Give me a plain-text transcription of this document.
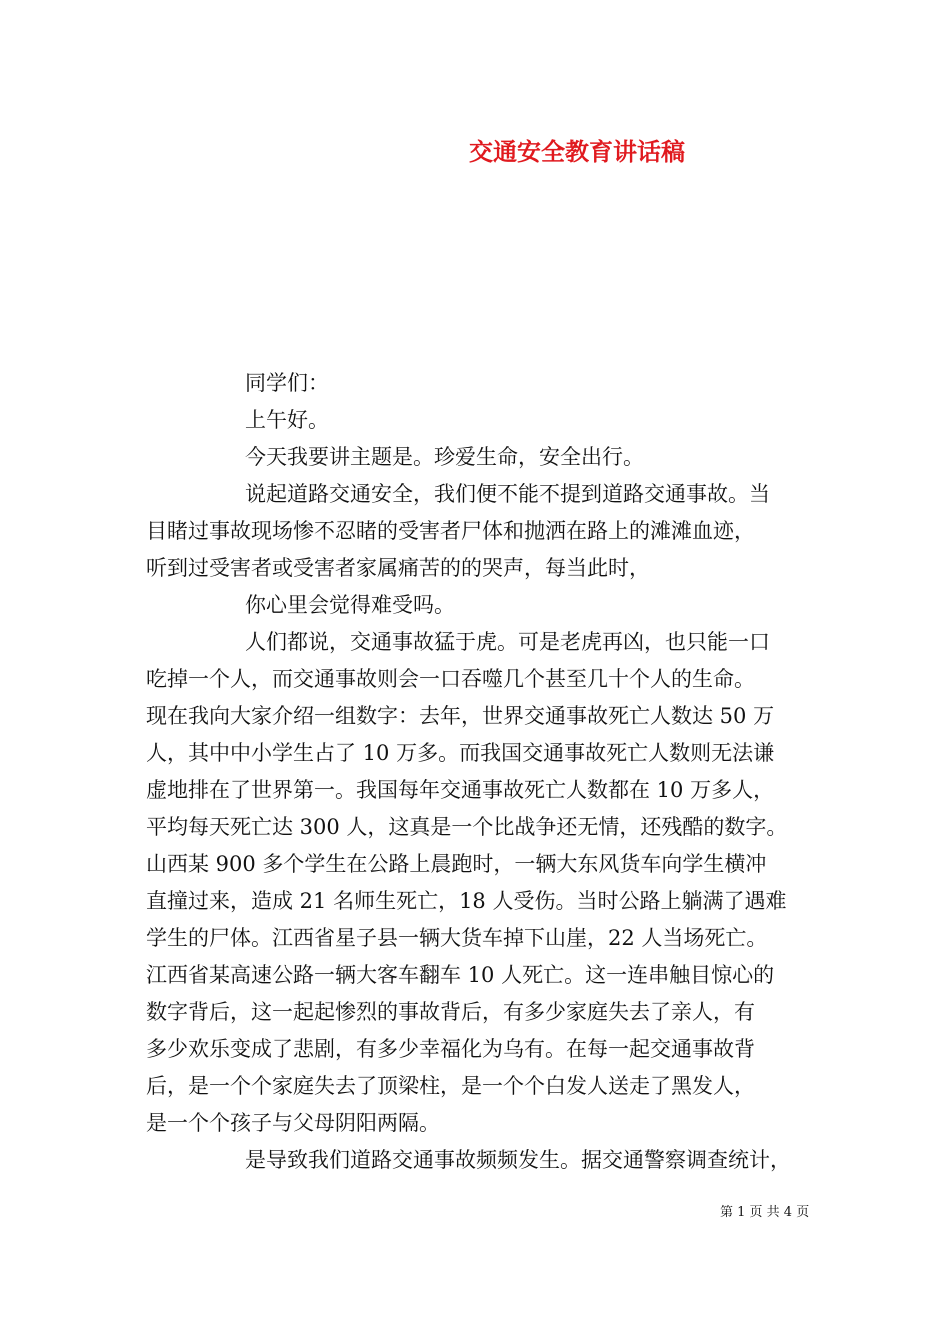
交通安全教育讲话稿
同学们：
上午好。
今天我要讲主题是。珍爱生命，安全出行。
说起道路交通安全，我们便不能不提到道路交通事故。当
目睹过事故现场惨不忍睹的受害者尸体和抛洒在路上的滩滩血迹，
听到过受害者或受害者家属痛苦的的哭声，每当此时，
你心里会觉得难受吗。
人们都说，交通事故猛于虎。可是老虎再凶，也只能一口
吃掉一个人，而交通事故则会一口吞噬几个甚至几十个人的生命。
现在我向大家介绍一组数字：去年，世界交通事故死亡人数达 50 万
人，其中中小学生占了 10 万多。而我国交通事故死亡人数则无法谦
虚地排在了世界第一。我国每年交通事故死亡人数都在 10 万多人，
平均每天死亡达 300 人，这真是一个比战争还无情，还残酷的数字。
山西某 900 多个学生在公路上晨跑时，一辆大东风货车向学生横冲
直撞过来，造成 21 名师生死亡，18 人受伤。当时公路上躺满了遇难
学生的尸体。江西省星子县一辆大货车掉下山崖，22 人当场死亡。
江西省某高速公路一辆大客车翻车 10 人死亡。这一连串触目惊心的
数字背后，这一起起惨烈的事故背后，有多少家庭失去了亲人，有
多少欢乐变成了悲剧，有多少幸福化为乌有。在每一起交通事故背
后，是一个个家庭失去了顶梁柱，是一个个白发人送走了黑发人，
是一个个孩子与父母阴阳两隔。
是导致我们道路交通事故频频发生。据交通警察调查统计，
第 1 页 共 4 页
